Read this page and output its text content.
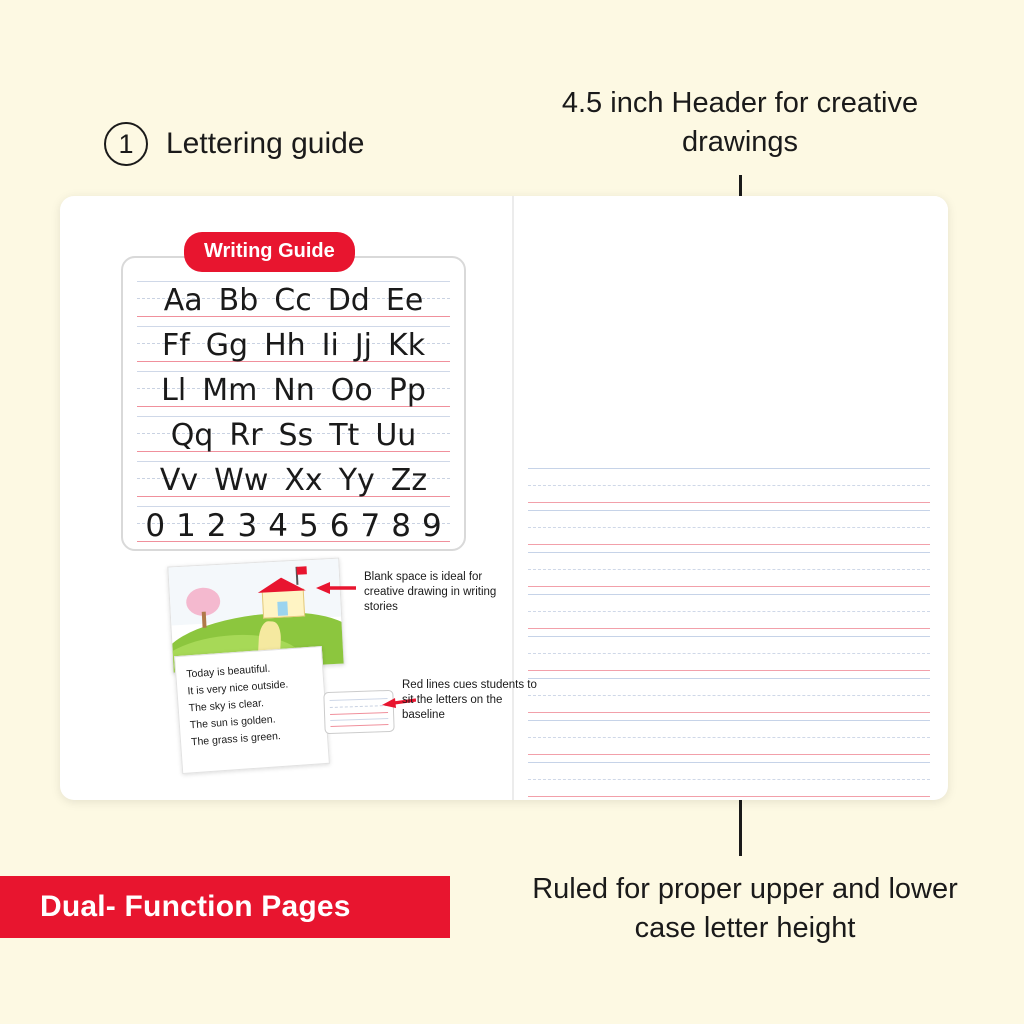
1	Lettering guide
4.5 inch Header for creative drawings
Ruled for proper upper and lower case letter height
Dual- Function Pages
Writing Guide
Aa Bb Cc Dd Ee
Ff Gg Hh Ii Jj Kk
Ll Mm Nn Oo Pp
Qq Rr Ss Tt Uu
Vv Ww Xx Yy Zz
0 1 2 3 4 5 6 7 8 9
Today is beautiful.
It is very nice outside.
The sky is clear.
The sun is golden.
The grass is green.
Blank space is ideal for creative drawing in writing stories
Red lines cues students to sit the letters on the baseline
